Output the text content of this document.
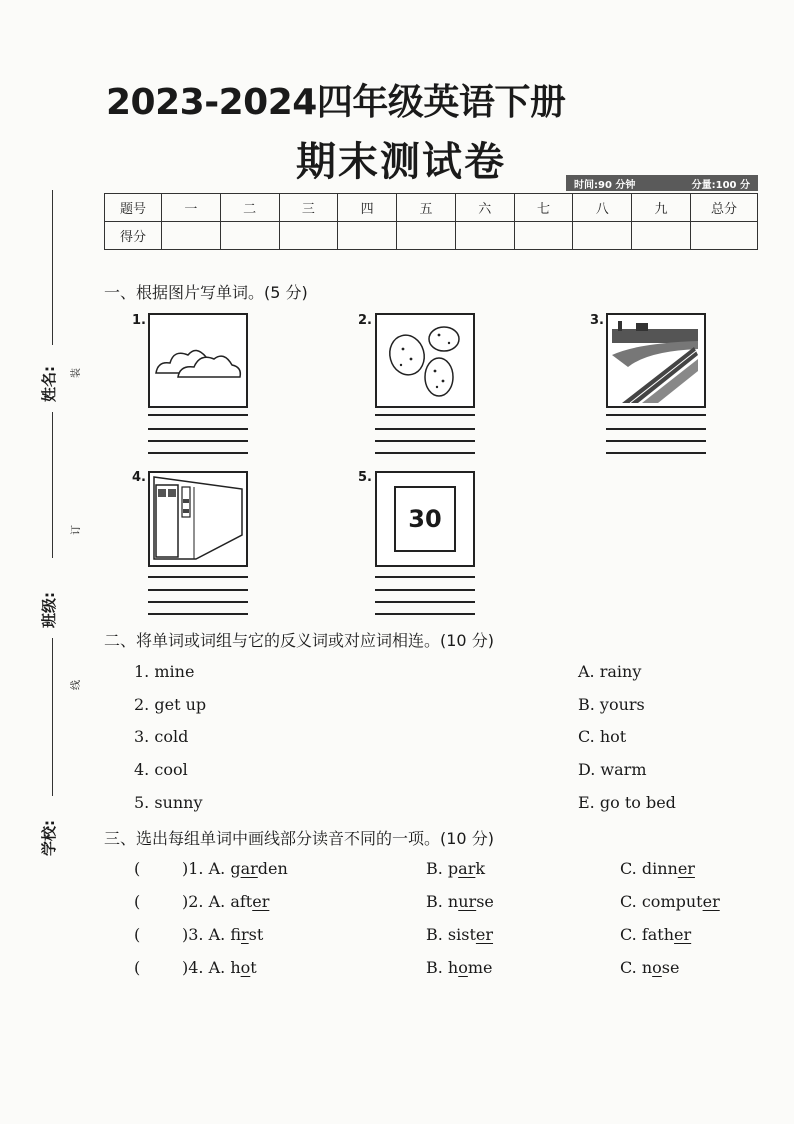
2023-2024四年级英语下册
期末测试卷	时间:90 分钟	分量:100 分
题号	一	二	三	四	五	六	七	八	九	总分
得分										
姓名:
班级:
学校:
装
订
线
一、根据图片写单词。(5 分)
1.	2.	3.
4.	5.
30
二、将单词或词组与它的反义词或对应词相连。(10 分)
1. mine
2. get up
3. cold
4. cool
5. sunny
A. rainy
B. yours
C. hot
D. warm
E. go to bed
三、选出每组单词中画线部分读音不同的一项。(10 分)
(	)1. A. garden	B. park	C. dinner
(	)2. A. after	B. nurse	C. computer
(	)3. A. first	B. sister	C. father
(	)4. A. hot	B. home	C. nose
